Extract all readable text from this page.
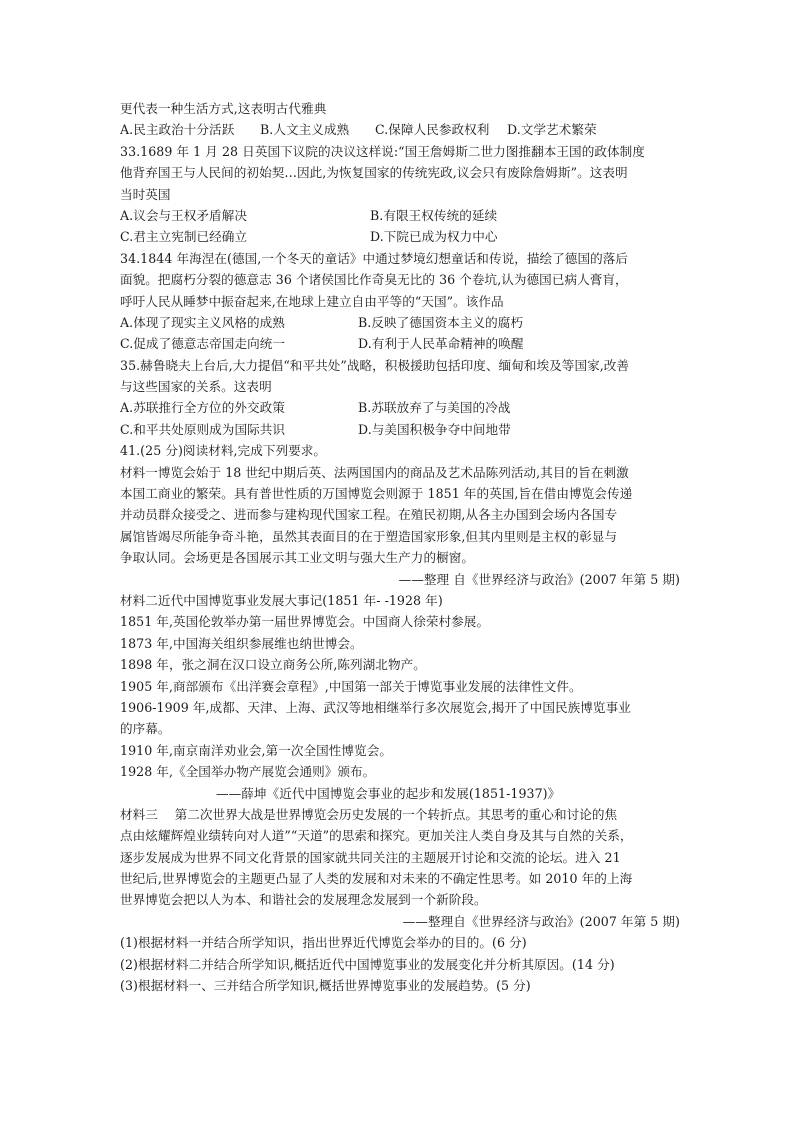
更代表一种生活方式,这表明古代雅典
A.民主政治十分活跃	B.人文主义成熟	C.保障人民参政权利	D.文学艺术繁荣
33.1689 年 1 月 28 日英国下议院的决议这样说:“国王詹姆斯二世力图推翻本王国的政体制度
他背弃国王与人民间的初始契…因此,为恢复国家的传统宪政,议会只有废除詹姆斯”。这表明
当时英国
A.议会与王权矛盾解决	B.有限王权传统的延续
C.君主立宪制已经确立	D.下院已成为权力中心
34.1844 年海涅在(德国,一个冬天的童话》中通过梦境幻想童话和传说，描绘了德国的落后
面貌。把腐朽分裂的德意志 36 个诸侯国比作奇臭无比的 36 个卷坑,认为德国已病人膏肓，
呼吁人民从睡梦中振奋起来,在地球上建立自由平等的“天国”。该作品
A.体现了现实主义风格的成熟	B.反映了德国资本主义的腐朽
C.促成了德意志帝国走向统一	D.有利于人民革命精神的唤醒
35.赫鲁晓夫上台后,大力提倡“和平共处”战略，积极援助包括印度、缅甸和埃及等国家,改善
与这些国家的关系。这表明
A.苏联推行全方位的外交政策	B.苏联放弃了与美国的冷战
C.和平共处原则成为国际共识	D.与美国积极争夺中间地带
41.(25 分)阅读材料,完成下列要求。
材料一博览会始于 18 世纪中期后英、法两国国内的商品及艺术品陈列活动,其目的旨在刺激
本国工商业的繁荣。具有普世性质的万国博览会则源于 1851 年的英国,旨在借由博览会传递
并动员群众接受之、进而参与建构现代国家工程。在殖民初期,从各主办国到会场内各国专
属馆皆竭尽所能争奇斗艳，虽然其表面目的在于塑造国家形象,但其内里则是主权的彰显与
争取认同。会场更是各国展示其工业文明与强大生产力的橱窗。
——整理 自《世界经济与政治》(2007 年第 5 期)
材料二近代中国博览事业发展大事记(1851 年- -1928 年)
1851 年,英国伦敦举办第一届世界博览会。中国商人徐荣村参展。
1873 年,中国海关组织参展维也纳世博会。
1898 年，张之洞在汉口设立商务公所,陈列湖北物产。
1905 年,商部颁布《出洋赛会章程》,中国第一部关于博览事业发展的法律性文件。
1906-1909 年,成都、天津、上海、武汉等地相继举行多次展览会,揭开了中国民族博览事业
的序幕。
1910 年,南京南洋劝业会,第一次全国性博览会。
1928 年,《全国举办物产展览会通则》颁布。
——薛坤《近代中国博览会事业的起步和发展(1851-1937)》
材料三　 第二次世界大战是世界博览会历史发展的一个转折点。其思考的重心和讨论的焦
点由炫耀辉煌业绩转向对人道”“天道”的思索和探究。更加关注人类自身及其与自然的关系，
逐步发展成为世界不同文化背景的国家就共同关注的主题展开讨论和交流的论坛。进入 21
世纪后,世界博览会的主题更凸显了人类的发展和对未来的不确定性思考。如 2010 年的上海
世界博览会把以人为本、和谐社会的发展理念发展到一个新阶段。
——整理自《世界经济与政治》(2007 年第 5 期)
(1)根据材料一并结合所学知识，指出世界近代博览会举办的目的。(6 分)
(2)根据材料二并结合所学知识,概括近代中国博览事业的发展变化并分析其原因。(14 分)
(3)根据材料一、三并结合所学知识,概括世界博览事业的发展趋势。(5 分)
